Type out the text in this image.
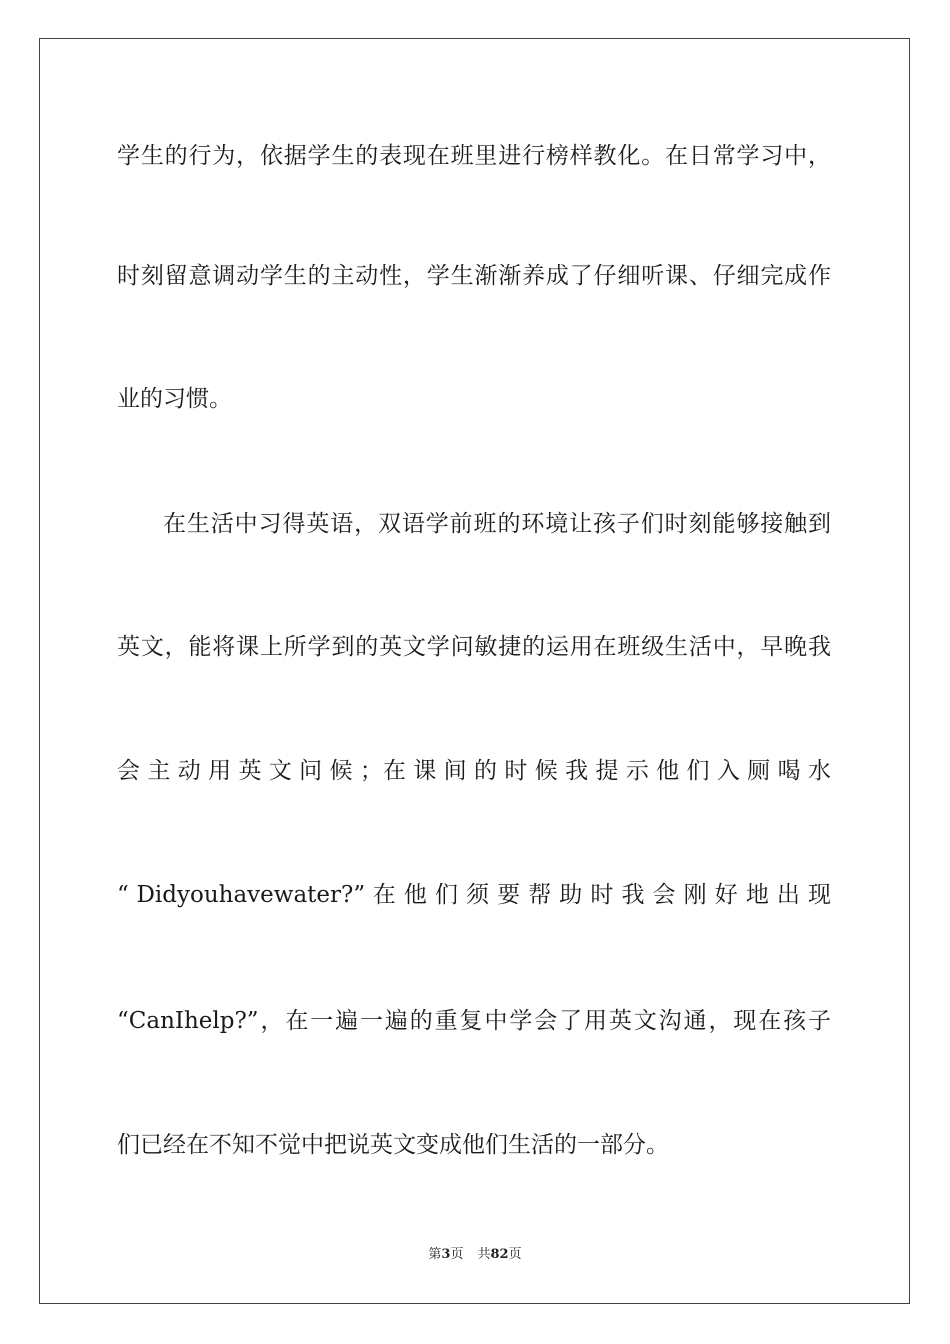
学生的行为，依据学生的表现在班里进行榜样教化。在日常学习中，
时刻留意调动学生的主动性，学生渐渐养成了仔细听课、仔细完成作
业的习惯。
在生活中习得英语，双语学前班的环境让孩子们时刻能够接触到
英文，能将课上所学到的英文学问敏捷的运用在班级生活中，早晚我
会 主 动 用 英 文 问 候 ；在 课 间 的 时 候 我 提 示 他 们 入 厕 喝 水
“ Didyouhavewater?” 在 他 们 须 要 帮 助 时 我 会 刚 好 地 出 现
“CanIhelp?”，在一遍一遍的重复中学会了用英文沟通，现在孩子
们已经在不知不觉中把说英文变成他们生活的一部分。
第3页 共82页
